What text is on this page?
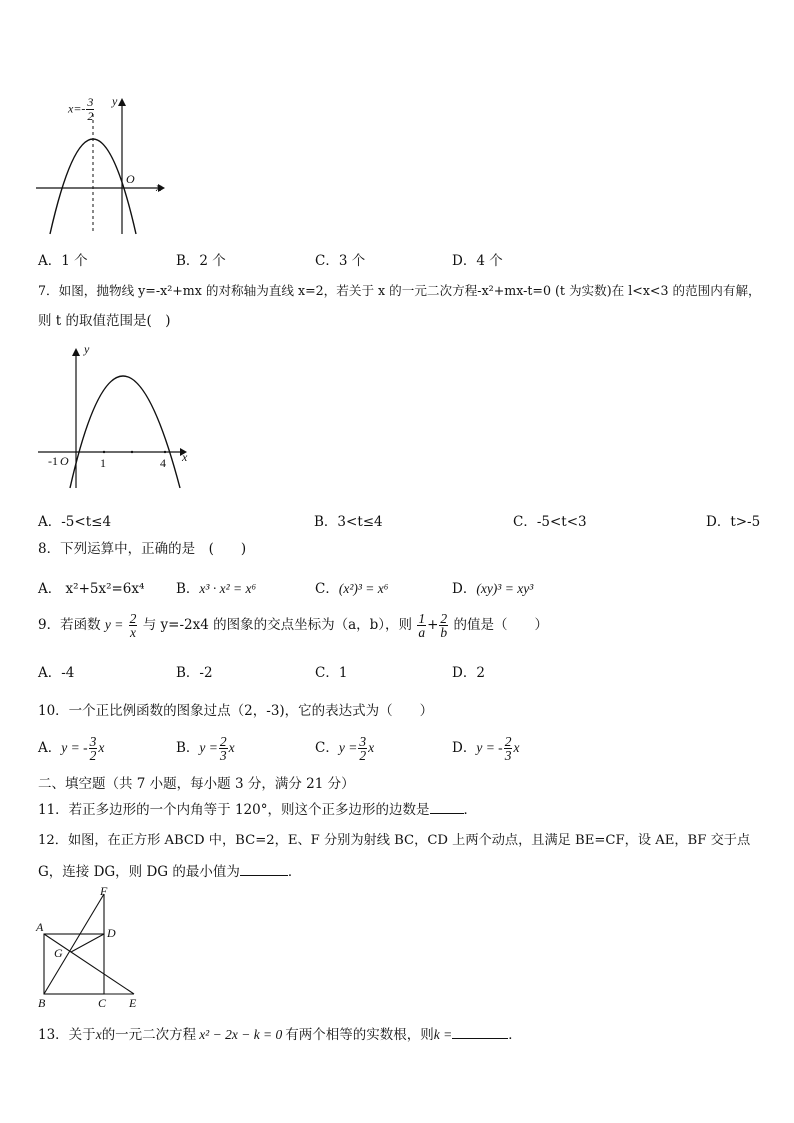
$x=- \frac{3}{2}$ y
O
x
A．1 个	B．2 个	C．3 个	D．4 个
7．如图，抛物线 y=-x²+mx 的对称轴为直线 x=2，若关于 x 的一元二次方程-x²+mx-t=0 (t 为实数)在 l<x<3 的范围内有解，
则 t 的取值范围是(　)
y
x
-1 O	1	4
A．-5<t≤4	B．3<t≤4	C．-5<t<3	D．t>-5
8．下列运算中，正确的是　(　　)
A． x²+5x²=6x⁴ B．x³ · x² = x⁶	C．(x²)³ = x⁶	D．(xy)³ = xy³
9．若函数 $y = \frac{2}{x}$ 与 y=-2x4 的图象的交点坐标为（a，b），则 $\frac{1}{a} + \frac{2}{b}$ 的值是（　　）
A．-4	B．-2	C．1	D．2
10．一个正比例函数的图象过点（2，-3)，它的表达式为（　　）
A．y = - $\frac{3}{2}$ x	B．$y = \frac{2}{3}$ x	C．$y = \frac{3}{2}$ x	D．y = - $\frac{2}{3}$ x
二、填空题（共 7 小题，每小题 3 分，满分 21 分）
11．若正多边形的一个内角等于 120°，则这个正多边形的边数是	．
12．如图，在正方形 ABCD 中，BC=2，E、F 分别为射线 BC，CD 上两个动点，且满足 BE=CF，设 AE，BF 交于点
G，连接 DG，则 DG 的最小值为	．
F
A	D
G
B	C E
13．关于x的一元二次方程 x² − 2x − k = 0 有两个相等的实数根，则k =	．
